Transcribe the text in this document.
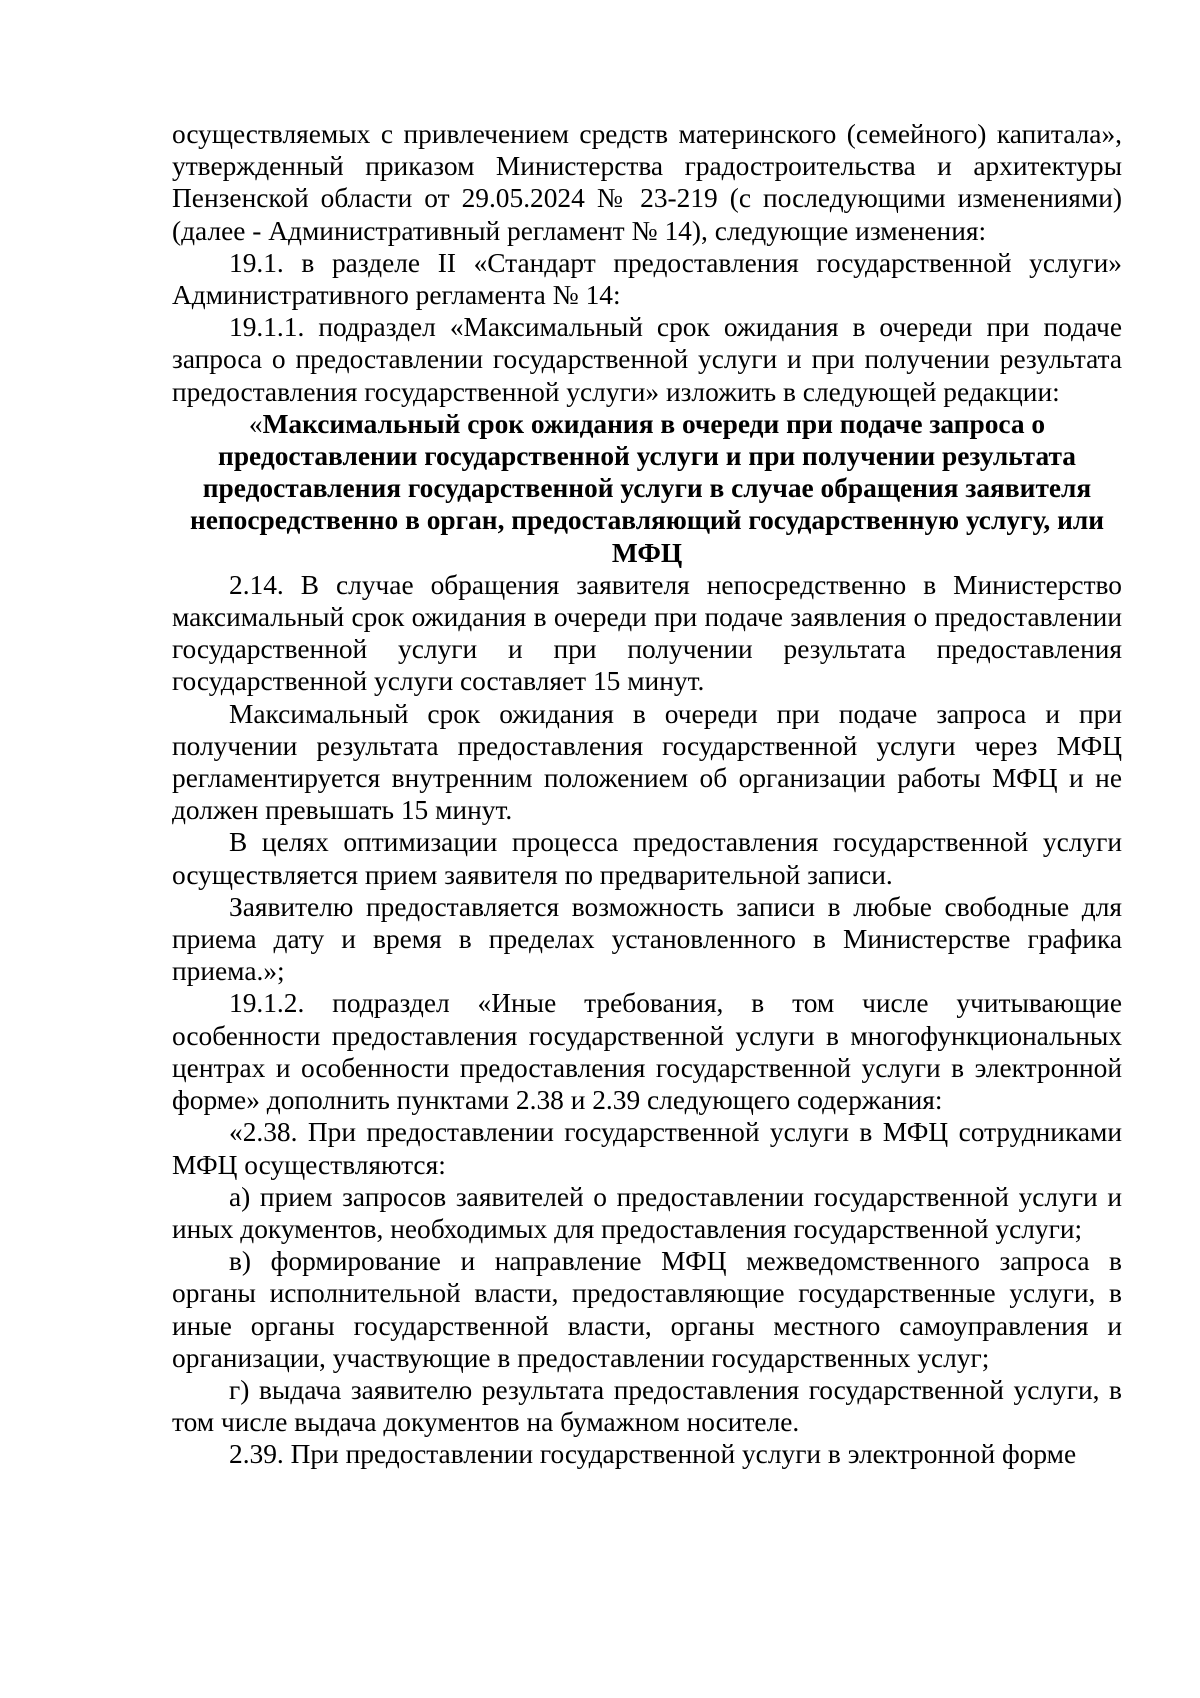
осуществляемых с привлечением средств материнского (семейного) капитала», утвержденный приказом Министерства градостроительства и архитектуры Пензенской области от 29.05.2024 № 23-219 (с последующими изменениями) (далее - Административный регламент № 14), следующие изменения:

19.1. в разделе II «Стандарт предоставления государственной услуги» Административного регламента № 14:

19.1.1. подраздел «Максимальный срок ожидания в очереди при подаче запроса о предоставлении государственной услуги и при получении результата предоставления государственной услуги» изложить в следующей редакции:

«Максимальный срок ожидания в очереди при подаче запроса о предоставлении государственной услуги и при получении результата предоставления государственной услуги в случае обращения заявителя непосредственно в орган, предоставляющий государственную услугу, или МФЦ

2.14. В случае обращения заявителя непосредственно в Министерство максимальный срок ожидания в очереди при подаче заявления о предоставлении государственной услуги и при получении результата предоставления государственной услуги составляет 15 минут.

Максимальный срок ожидания в очереди при подаче запроса и при получении результата предоставления государственной услуги через МФЦ регламентируется внутренним положением об организации работы МФЦ и не должен превышать 15 минут.

В целях оптимизации процесса предоставления государственной услуги осуществляется прием заявителя по предварительной записи.

Заявителю предоставляется возможность записи в любые свободные для приема дату и время в пределах установленного в Министерстве графика приема.»;

19.1.2. подраздел «Иные требования, в том числе учитывающие особенности предоставления государственной услуги в многофункциональных центрах и особенности предоставления государственной услуги в электронной форме» дополнить пунктами 2.38 и 2.39 следующего содержания:

«2.38. При предоставлении государственной услуги в МФЦ сотрудниками МФЦ осуществляются:

а) прием запросов заявителей о предоставлении государственной услуги и иных документов, необходимых для предоставления государственной услуги;

в) формирование и направление МФЦ межведомственного запроса в органы исполнительной власти, предоставляющие государственные услуги, в иные органы государственной власти, органы местного самоуправления и организации, участвующие в предоставлении государственных услуг;

г) выдача заявителю результата предоставления государственной услуги, в том числе выдача документов на бумажном носителе.

2.39. При предоставлении государственной услуги в электронной форме
